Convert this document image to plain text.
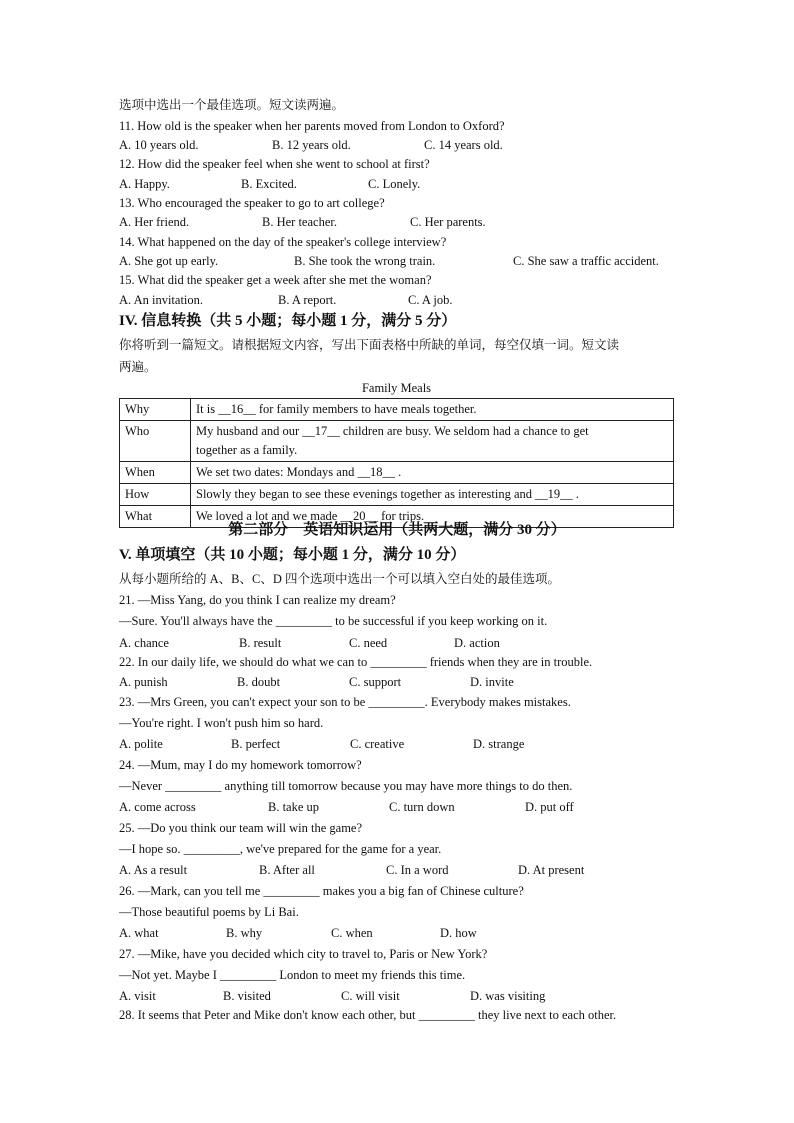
选项中选出一个最佳选项。短文读两遍。
11. How old is the speaker when her parents moved from London to Oxford?
A. 10 years old.	B. 12 years old.	C. 14 years old.
12. How did the speaker feel when she went to school at first?
A. Happy.	B. Excited.	C. Lonely.
13. Who encouraged the speaker to go to art college?
A. Her friend.	B. Her teacher.	C. Her parents.
14. What happened on the day of the speaker's college interview?
A. She got up early.	B. She took the wrong train.	C. She saw a traffic accident.
15. What did the speaker get a week after she met the woman?
A. An invitation.	B. A report.	C. A job.
IV. 信息转换（共 5 小题；每小题 1 分，满分 5 分）
你将听到一篇短文。请根据短文内容，写出下面表格中所缺的单词，每空仅填一词。短文读
两遍。
Family Meals
Why	It is __16__ for family members to have meals together.
Who	My husband and our __17__ children are busy. We seldom had a chance to get
together as a family.
When	We set two dates: Mondays and __18__ .
How	Slowly they began to see these evenings together as interesting and __19__ .
What	We loved a lot and we made __20__ for trips.
第二部分　英语知识运用（共两大题，满分 30 分）
V. 单项填空（共 10 小题；每小题 1 分，满分 10 分）
从每小题所给的 A、B、C、D 四个选项中选出一个可以填入空白处的最佳选项。
21. —Miss Yang, do you think I can realize my dream?
—Sure. You'll always have the _________ to be successful if you keep working on it.
A. chance	B. result	C. need	D. action
22. In our daily life, we should do what we can to _________ friends when they are in trouble.
A. punish	B. doubt	C. support	D. invite
23. —Mrs Green, you can't expect your son to be _________. Everybody makes mistakes.
—You're right. I won't push him so hard.
A. polite	B. perfect	C. creative	D. strange
24. —Mum, may I do my homework tomorrow?
—Never _________ anything till tomorrow because you may have more things to do then.
A. come across	B. take up	C. turn down	D. put off
25. —Do you think our team will win the game?
—I hope so. _________, we've prepared for the game for a year.
A. As a result	B. After all	C. In a word	D. At present
26. —Mark, can you tell me _________ makes you a big fan of Chinese culture?
—Those beautiful poems by Li Bai.
A. what	B. why	C. when	D. how
27. —Mike, have you decided which city to travel to, Paris or New York?
—Not yet. Maybe I _________ London to meet my friends this time.
A. visit	B. visited	C. will visit	D. was visiting
28. It seems that Peter and Mike don't know each other, but _________ they live next to each other.
